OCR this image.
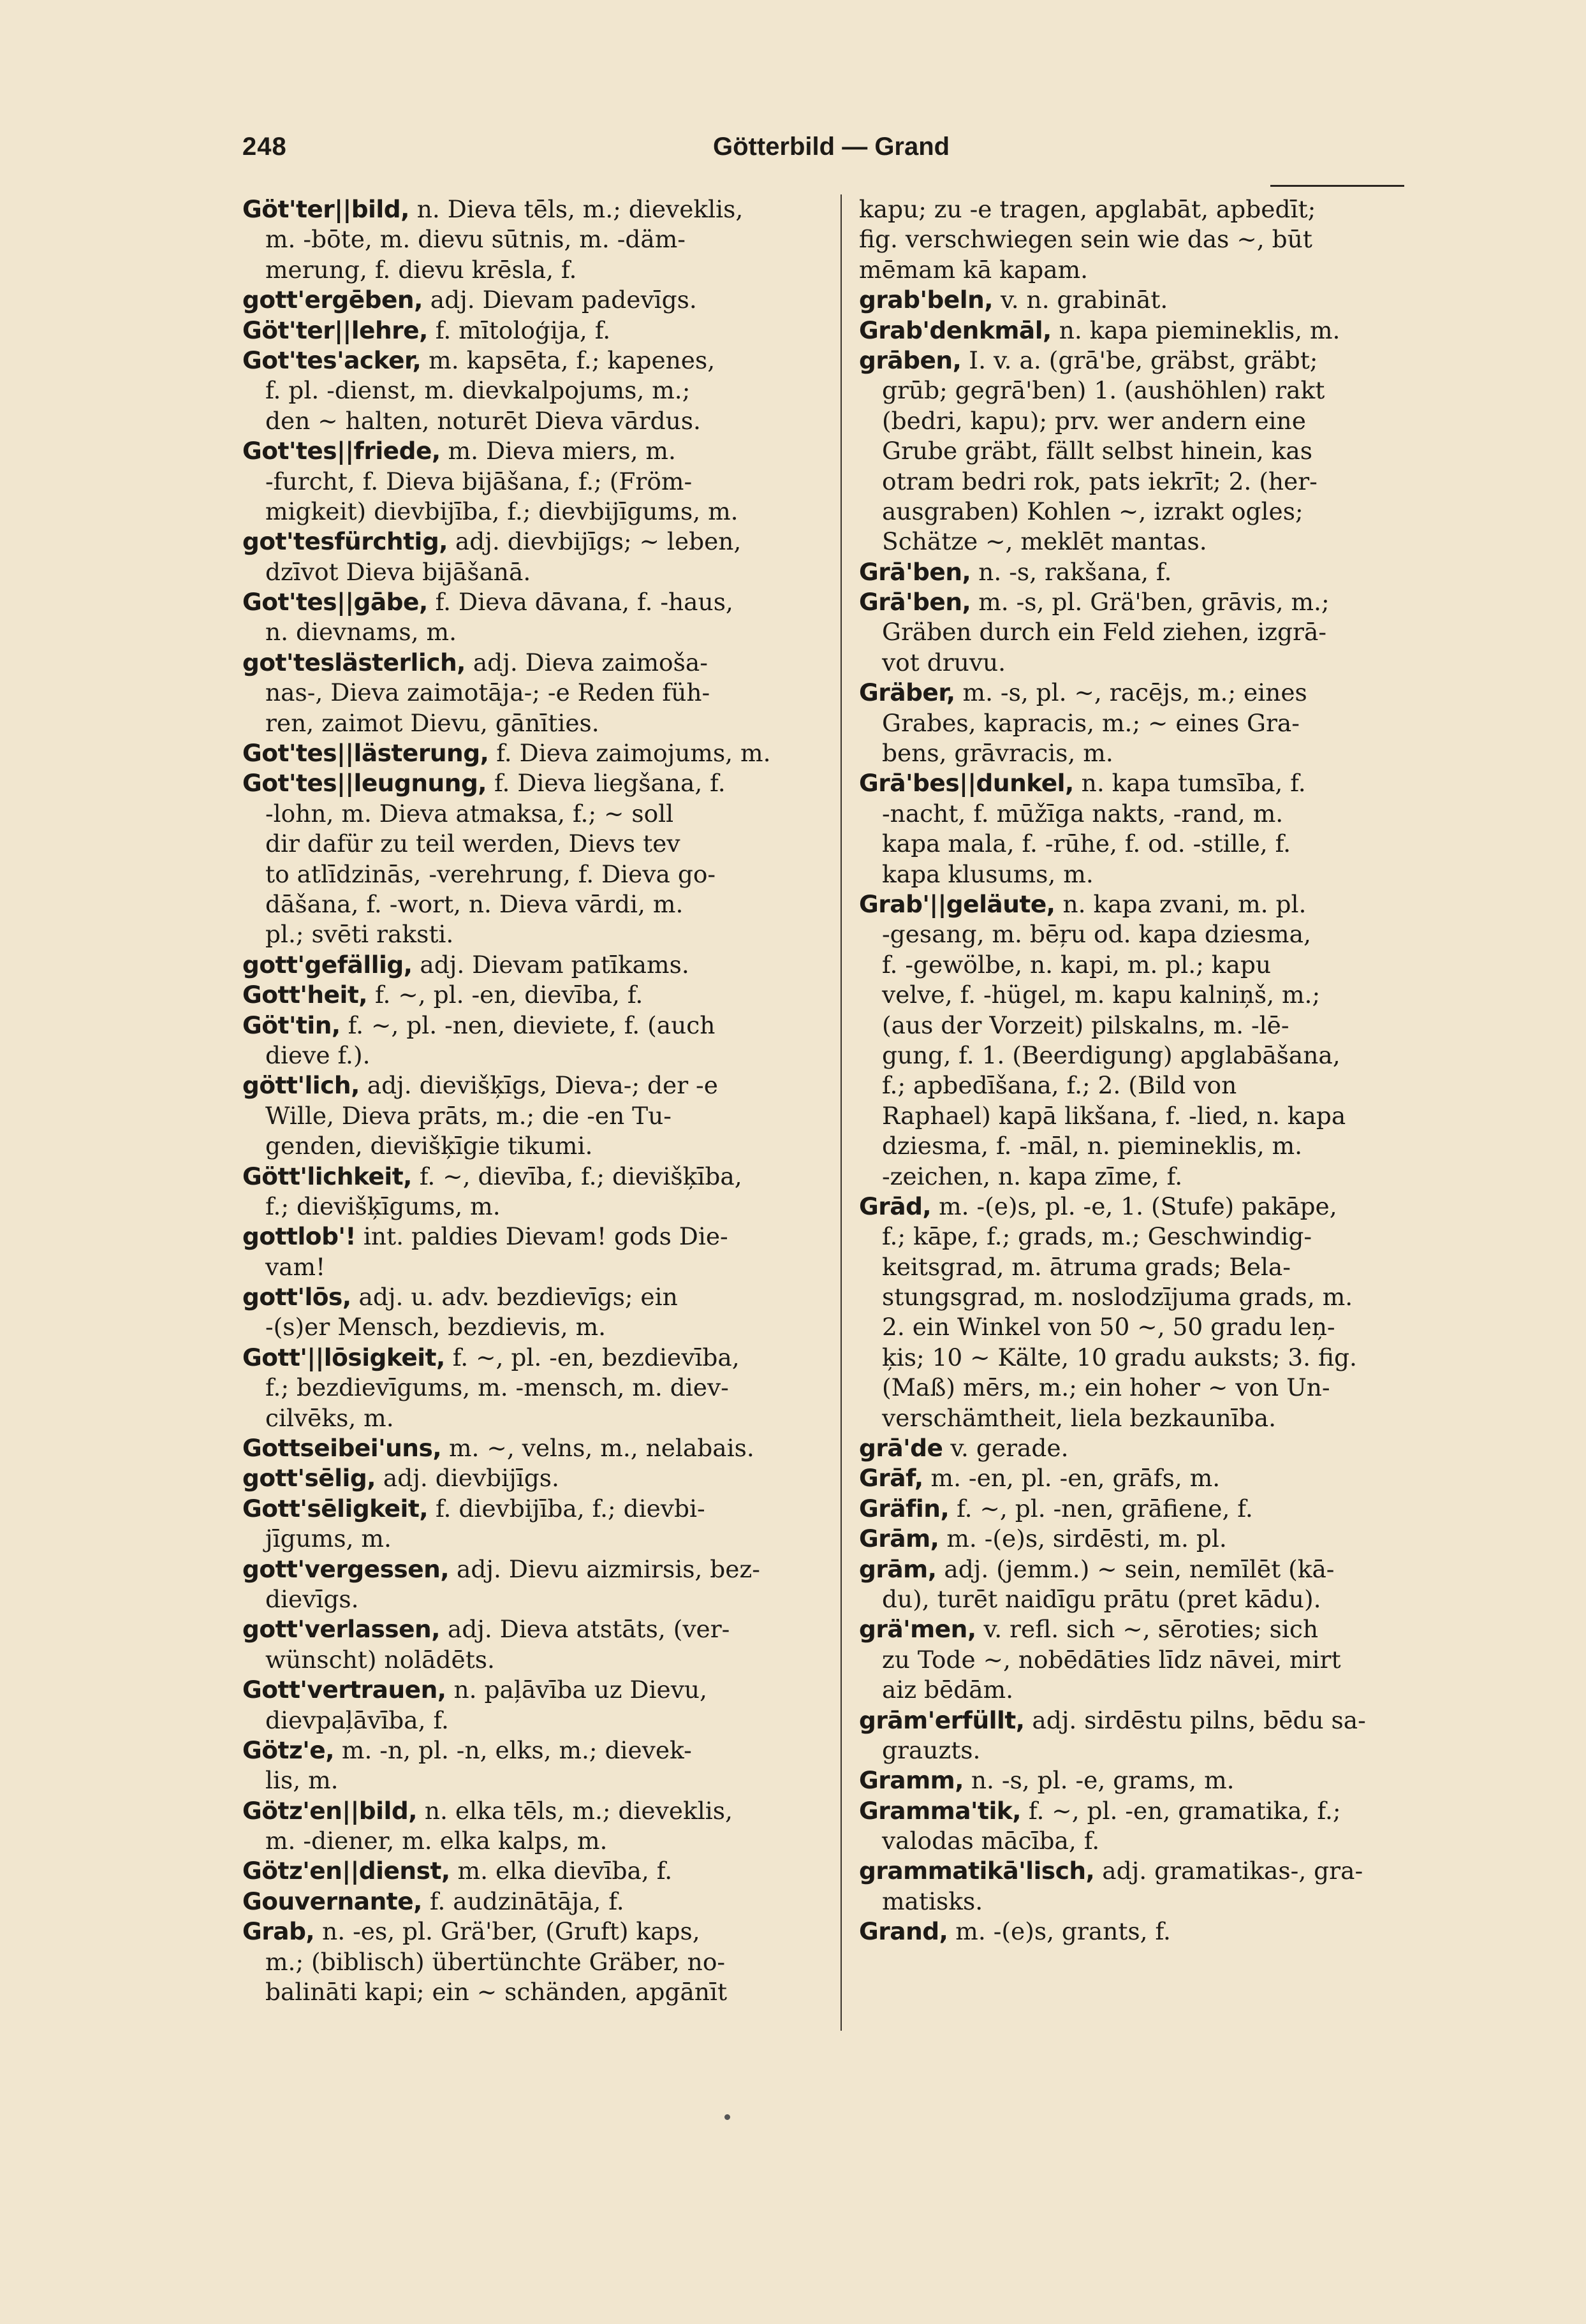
248	Götterbild — Grand
Göt'ter||bild, n. Dieva tēls, m.; dieveklis,
m. -bōte, m. dievu sūtnis, m. -däm-
merung, f. dievu krēsla, f.
gott'ergēben, adj. Dievam padevīgs.
Göt'ter||lehre, f. mītoloģija, f.
Got'tes'acker, m. kapsēta, f.; kapenes,
f. pl. -dienst, m. dievkalpojums, m.;
den ~ halten, noturēt Dieva vārdus.
Got'tes||friede, m. Dieva miers, m.
-furcht, f. Dieva bijāšana, f.; (Fröm-
migkeit) dievbijība, f.; dievbijīgums, m.
got'tesfürchtig, adj. dievbijīgs; ~ leben,
dzīvot Dieva bijāšanā.
Got'tes||gābe, f. Dieva dāvana, f. -haus,
n. dievnams, m.
got'teslästerlich, adj. Dieva zaimoša-
nas-, Dieva zaimotāja-; -e Reden füh-
ren, zaimot Dievu, gānīties.
Got'tes||lästerung, f. Dieva zaimojums, m.
Got'tes||leugnung, f. Dieva liegšana, f.
-lohn, m. Dieva atmaksa, f.; ~ soll
dir dafür zu teil werden, Dievs tev
to atlīdzinās, -verehrung, f. Dieva go-
dāšana, f. -wort, n. Dieva vārdi, m.
pl.; svēti raksti.
gott'gefällig, adj. Dievam patīkams.
Gott'heit, f. ~, pl. -en, dievība, f.
Göt'tin, f. ~, pl. -nen, dieviete, f. (auch
dieve f.).
gött'lich, adj. dievišķīgs, Dieva-; der -e
Wille, Dieva prāts, m.; die -en Tu-
genden, dievišķīgie tikumi.
Gött'lichkeit, f. ~, dievība, f.; dievišķība,
f.; dievišķīgums, m.
gottlob'! int. paldies Dievam! gods Die-
vam!
gott'lōs, adj. u. adv. bezdievīgs; ein
-(s)er Mensch, bezdievis, m.
Gott'||lōsigkeit, f. ~, pl. -en, bezdievība,
f.; bezdievīgums, m. -mensch, m. diev-
cilvēks, m.
Gottseibei'uns, m. ~, velns, m., nelabais.
gott'sēlig, adj. dievbijīgs.
Gott'sēligkeit, f. dievbijība, f.; dievbi-
jīgums, m.
gott'vergessen, adj. Dievu aizmirsis, bez-
dievīgs.
gott'verlassen, adj. Dieva atstāts, (ver-
wünscht) nolādēts.
Gott'vertrauen, n. paļāvība uz Dievu,
dievpaļāvība, f.
Götz'e, m. -n, pl. -n, elks, m.; dievek-
lis, m.
Götz'en||bild, n. elka tēls, m.; dieveklis,
m. -diener, m. elka kalps, m.
Götz'en||dienst, m. elka dievība, f.
Gouvernante, f. audzinātāja, f.
Grab, n. -es, pl. Grä'ber, (Gruft) kaps,
m.; (biblisch) übertünchte Gräber, no-
balināti kapi; ein ~ schänden, apgānīt
kapu; zu -e tragen, apglabāt, apbedīt;
fig. verschwiegen sein wie das ~, būt
mēmam kā kapam.
grab'beln, v. n. grabināt.
Grab'denkmāl, n. kapa piemineklis, m.
grāben, I. v. a. (grā'be, gräbst, gräbt;
grūb; gegrā'ben) 1. (aushöhlen) rakt
(bedri, kapu); prv. wer andern eine
Grube gräbt, fällt selbst hinein, kas
otram bedri rok, pats iekrīt; 2. (her-
ausgraben) Kohlen ~, izrakt ogles;
Schätze ~, meklēt mantas.
Grā'ben, n. -s, rakšana, f.
Grā'ben, m. -s, pl. Grä'ben, grāvis, m.;
Gräben durch ein Feld ziehen, izgrā-
vot druvu.
Gräber, m. -s, pl. ~, racējs, m.; eines
Grabes, kapracis, m.; ~ eines Gra-
bens, grāvracis, m.
Grā'bes||dunkel, n. kapa tumsība, f.
-nacht, f. mūžīga nakts, -rand, m.
kapa mala, f. -rūhe, f. od. -stille, f.
kapa klusums, m.
Grab'||geläute, n. kapa zvani, m. pl.
-gesang, m. bēŗu od. kapa dziesma,
f. -gewölbe, n. kapi, m. pl.; kapu
velve, f. -hügel, m. kapu kalniņš, m.;
(aus der Vorzeit) pilskalns, m. -lē-
gung, f. 1. (Beerdigung) apglabāšana,
f.; apbedīšana, f.; 2. (Bild von
Raphael) kapā likšana, f. -lied, n. kapa
dziesma, f. -māl, n. piemineklis, m.
-zeichen, n. kapa zīme, f.
Grād, m. -(e)s, pl. -e, 1. (Stufe) pakāpe,
f.; kāpe, f.; grads, m.; Geschwindig-
keitsgrad, m. ātruma grads; Bela-
stungsgrad, m. noslodzījuma grads, m.
2. ein Winkel von 50 ~, 50 gradu leņ-
ķis; 10 ~ Kälte, 10 gradu auksts; 3. fig.
(Maß) mērs, m.; ein hoher ~ von Un-
verschämtheit, liela bezkaunība.
grā'de v. gerade.
Grāf, m. -en, pl. -en, grāfs, m.
Gräfin, f. ~, pl. -nen, grāfiene, f.
Grām, m. -(e)s, sirdēsti, m. pl.
grām, adj. (jemm.) ~ sein, nemīlēt (kā-
du), turēt naidīgu prātu (pret kādu).
grä'men, v. refl. sich ~, sēroties; sich
zu Tode ~, nobēdāties līdz nāvei, mirt
aiz bēdām.
grām'erfüllt, adj. sirdēstu pilns, bēdu sa-
grauzts.
Gramm, n. -s, pl. -e, grams, m.
Gramma'tik, f. ~, pl. -en, gramatika, f.;
valodas mācība, f.
grammatikā'lisch, adj. gramatikas-, gra-
matisks.
Grand, m. -(e)s, grants, f.
